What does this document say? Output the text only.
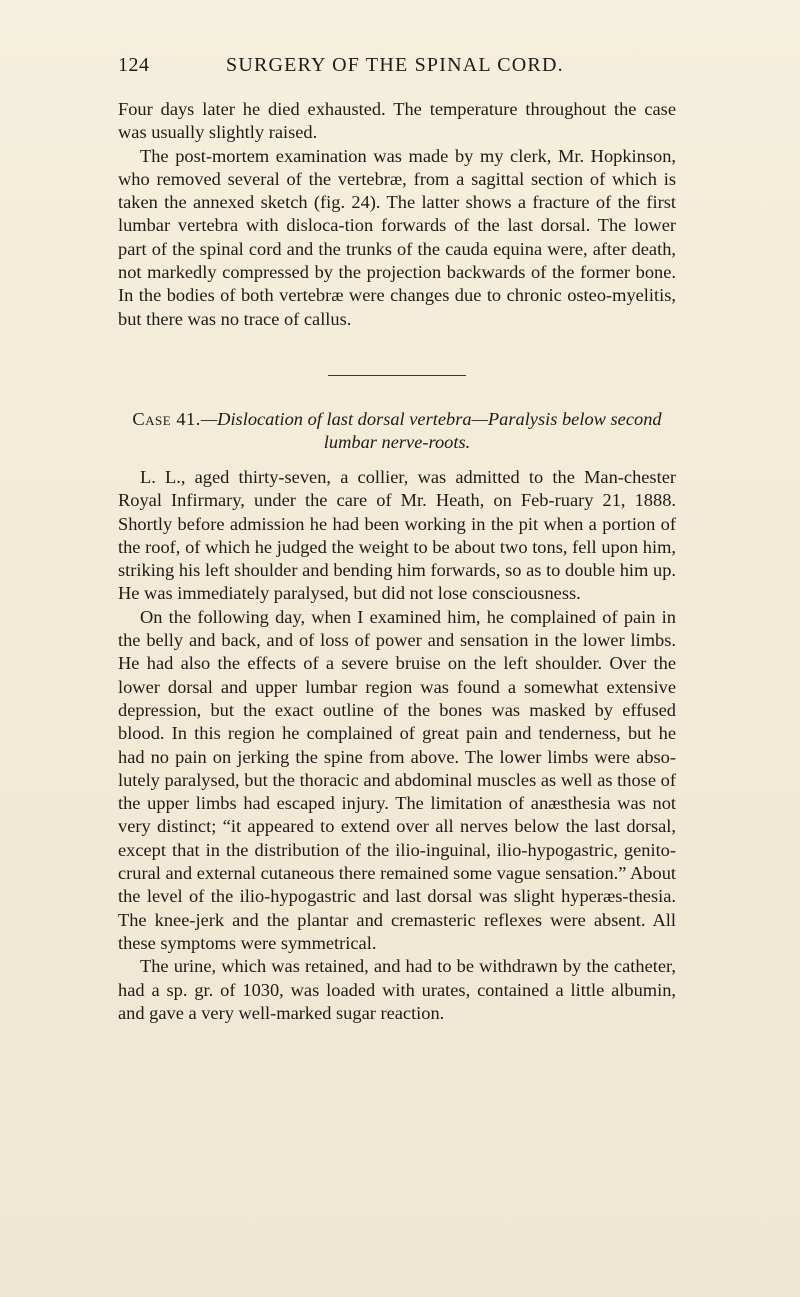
124	SURGERY OF THE SPINAL CORD.

Four days later he died exhausted. The temperature throughout the case was usually slightly raised.

The post-mortem examination was made by my clerk, Mr. Hopkinson, who removed several of the vertebræ, from a sagittal section of which is taken the annexed sketch (fig. 24). The latter shows a fracture of the first lumbar vertebra with disloca-tion forwards of the last dorsal. The lower part of the spinal cord and the trunks of the cauda equina were, after death, not markedly compressed by the projection backwards of the former bone. In the bodies of both vertebræ were changes due to chronic osteo-myelitis, but there was no trace of callus.

Case 41.—Dislocation of last dorsal vertebra—Paralysis below second lumbar nerve-roots.

L. L., aged thirty-seven, a collier, was admitted to the Man-chester Royal Infirmary, under the care of Mr. Heath, on Feb-ruary 21, 1888. Shortly before admission he had been working in the pit when a portion of the roof, of which he judged the weight to be about two tons, fell upon him, striking his left shoulder and bending him forwards, so as to double him up. He was immediately paralysed, but did not lose consciousness.

On the following day, when I examined him, he complained of pain in the belly and back, and of loss of power and sensation in the lower limbs. He had also the effects of a severe bruise on the left shoulder. Over the lower dorsal and upper lumbar region was found a somewhat extensive depression, but the exact outline of the bones was masked by effused blood. In this region he complained of great pain and tenderness, but he had no pain on jerking the spine from above. The lower limbs were abso-lutely paralysed, but the thoracic and abdominal muscles as well as those of the upper limbs had escaped injury. The limitation of anæsthesia was not very distinct; “it appeared to extend over all nerves below the last dorsal, except that in the distribution of the ilio-inguinal, ilio-hypogastric, genito-crural and external cutaneous there remained some vague sensation.” About the level of the ilio-hypogastric and last dorsal was slight hyperæs-thesia. The knee-jerk and the plantar and cremasteric reflexes were absent. All these symptoms were symmetrical.

The urine, which was retained, and had to be withdrawn by the catheter, had a sp. gr. of 1030, was loaded with urates, contained a little albumin, and gave a very well-marked sugar reaction.
